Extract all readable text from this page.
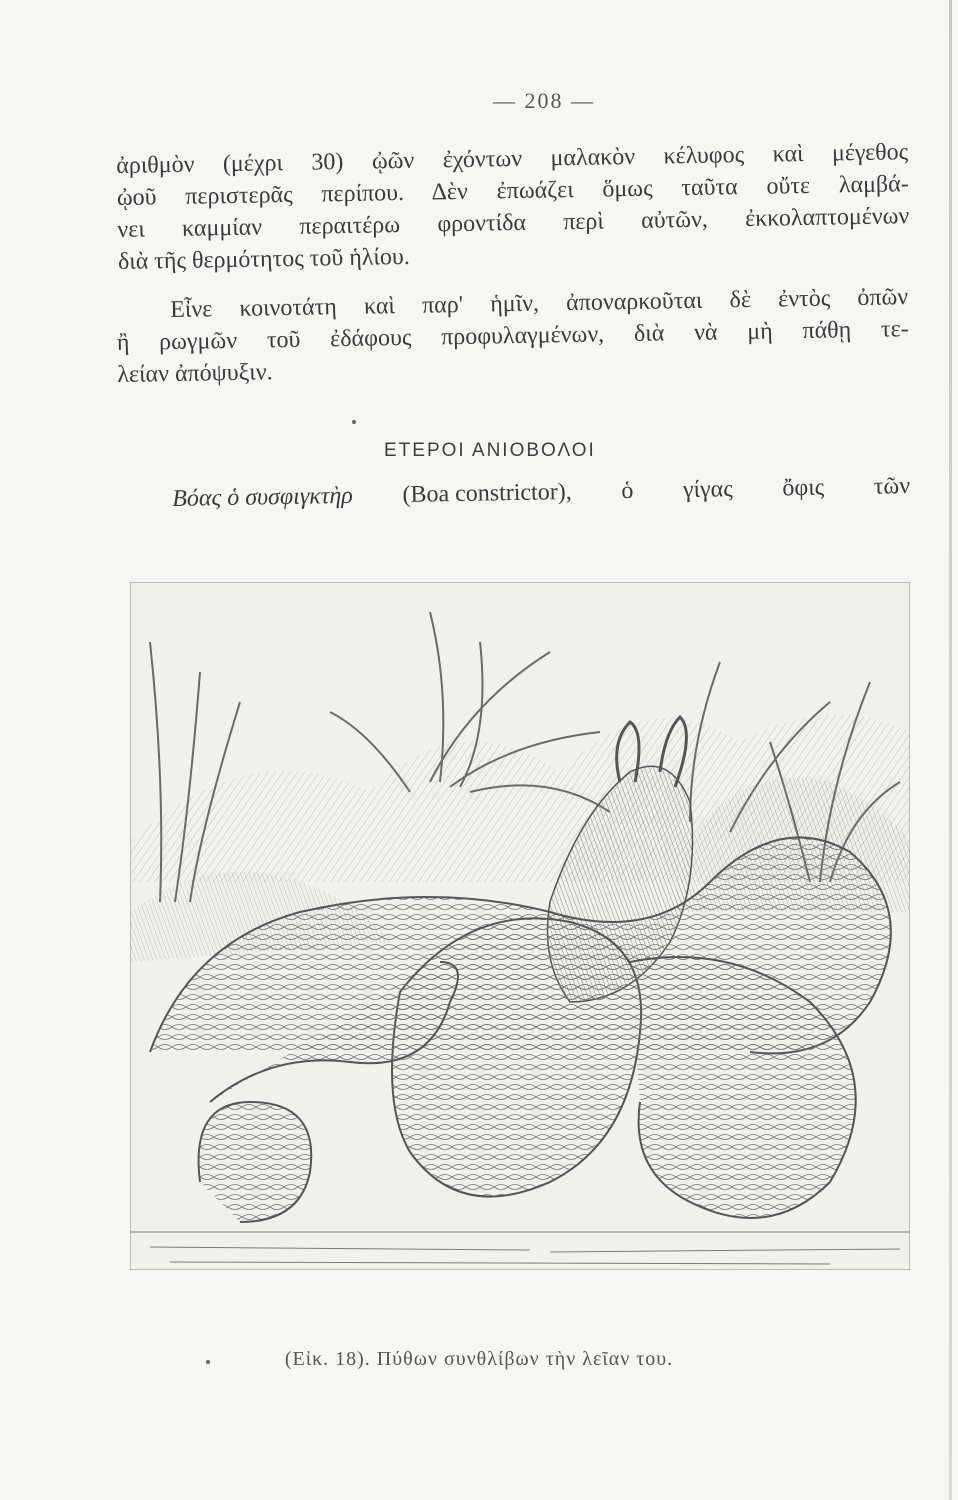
— 208 —
ἀριθμὸν (μέχρι 30) ᾠῶν ἐχόντων μαλακὸν κέλυφος καὶ μέγεθος
ᾠοῦ περιστερᾶς περίπου. Δὲν ἐπωάζει ὅμως ταῦτα οὔτε λαμβά-
νει καμμίαν περαιτέρω φροντίδα περὶ αὐτῶν, ἐκκολαπτομένων
διὰ τῆς θερμότητος τοῦ ἡλίου.
Εἶνε κοινοτάτη καὶ παρ' ἡμῖν, ἀποναρκοῦται δὲ ἐντὸς ὀπῶν
ἢ ρωγμῶν τοῦ ἐδάφους προφυλαγμένων, διὰ νὰ μὴ πάθῃ τε-
λείαν ἀπόψυξιν.
ΕΤΕΡΟΙ ΑΝΙΟΒΟΛΟΙ
Βόας ὁ συσφιγκτὴρ (Boa constrictor), ὁ γίγας ὄφις τῶν
(Εἰκ. 18). Πύθων συνθλίβων τὴν λεῖαν του.
